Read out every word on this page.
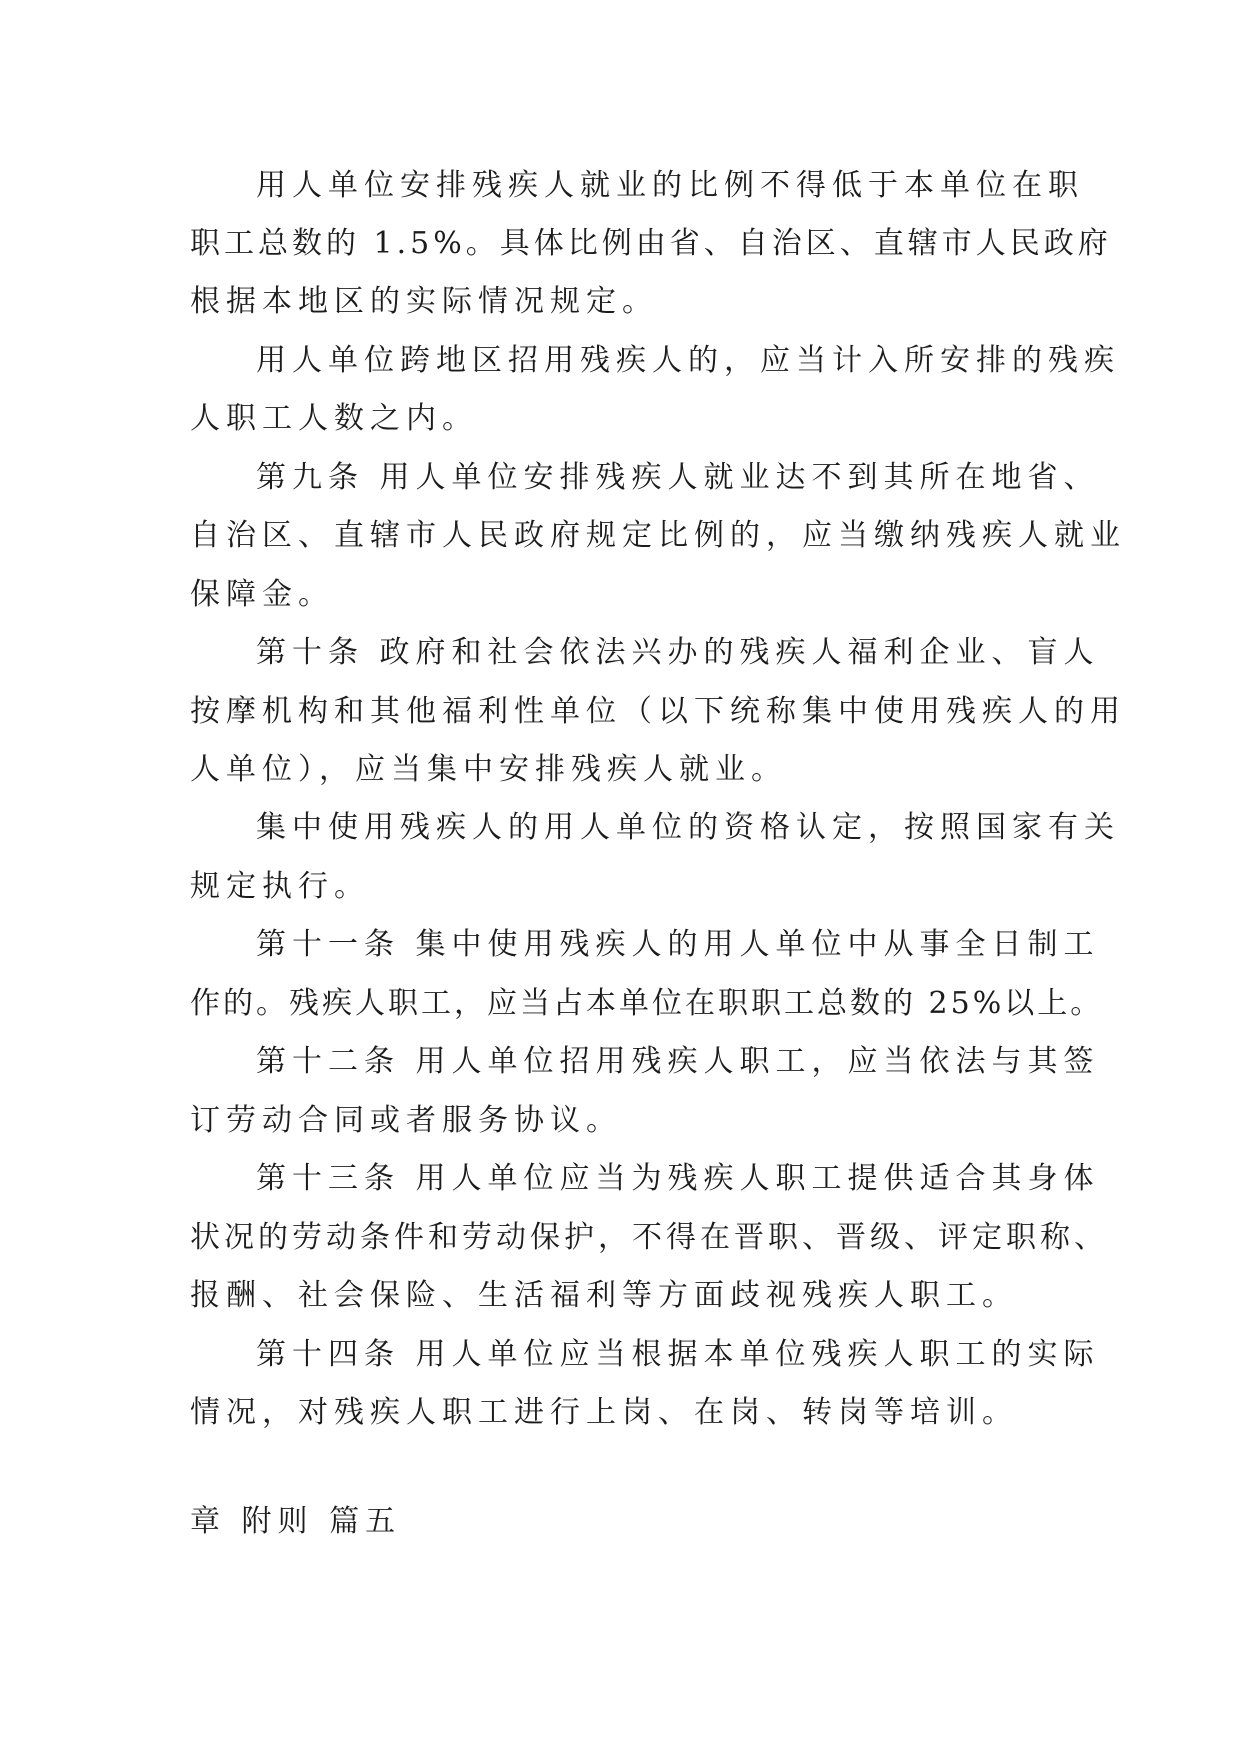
用人单位安排残疾人就业的比例不得低于本单位在职
职工总数的 1.5%。具体比例由省、自治区、直辖市人民政府
根据本地区的实际情况规定。
用人单位跨地区招用残疾人的，应当计入所安排的残疾
人职工人数之内。
第九条 用人单位安排残疾人就业达不到其所在地省、
自治区、直辖市人民政府规定比例的，应当缴纳残疾人就业
保障金。
第十条 政府和社会依法兴办的残疾人福利企业、盲人
按摩机构和其他福利性单位（以下统称集中使用残疾人的用
人单位），应当集中安排残疾人就业。
集中使用残疾人的用人单位的资格认定，按照国家有关
规定执行。
第十一条 集中使用残疾人的用人单位中从事全日制工
作的。残疾人职工，应当占本单位在职职工总数的 25%以上。
第十二条 用人单位招用残疾人职工，应当依法与其签
订劳动合同或者服务协议。
第十三条 用人单位应当为残疾人职工提供适合其身体
状况的劳动条件和劳动保护，不得在晋职、晋级、评定职称、
报酬、社会保险、生活福利等方面歧视残疾人职工。
第十四条 用人单位应当根据本单位残疾人职工的实际
情况，对残疾人职工进行上岗、在岗、转岗等培训。
章 附则 篇五
